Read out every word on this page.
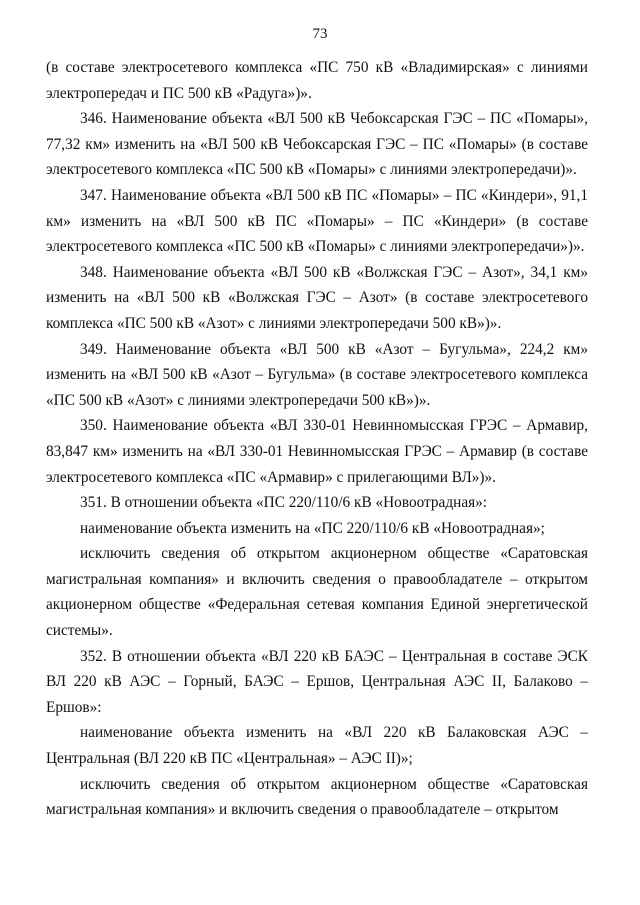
73

(в составе электросетевого комплекса «ПС 750 кВ «Владимирская» с линиями электропередач и ПС 500 кВ «Радуга»)».

346. Наименование объекта «ВЛ 500 кВ Чебоксарская ГЭС – ПС «Помары», 77,32 км» изменить на «ВЛ 500 кВ Чебоксарская ГЭС – ПС «Помары» (в составе электросетевого комплекса «ПС 500 кВ «Помары» с линиями электропередачи)».

347. Наименование объекта «ВЛ 500 кВ ПС «Помары» – ПС «Киндери», 91,1 км» изменить на «ВЛ 500 кВ ПС «Помары» – ПС «Киндери» (в составе электросетевого комплекса «ПС 500 кВ «Помары» с линиями электропередачи»)».

348. Наименование объекта «ВЛ 500 кВ «Волжская ГЭС – Азот», 34,1 км» изменить на «ВЛ 500 кВ «Волжская ГЭС – Азот» (в составе электросетевого комплекса «ПС 500 кВ «Азот» с линиями электропередачи 500 кВ»)».

349. Наименование объекта «ВЛ 500 кВ «Азот – Бугульма», 224,2 км» изменить на «ВЛ 500 кВ «Азот – Бугульма» (в составе электросетевого комплекса «ПС 500 кВ «Азот» с линиями электропередачи 500 кВ»)».

350. Наименование объекта «ВЛ 330-01 Невинномысская ГРЭС – Армавир, 83,847 км» изменить на «ВЛ 330-01 Невинномысская ГРЭС – Армавир (в составе электросетевого комплекса «ПС «Армавир» с прилегающими ВЛ»)».

351. В отношении объекта «ПС 220/110/6 кВ «Новоотрадная»:

наименование объекта изменить на «ПС 220/110/6 кВ «Новоотрадная»;

исключить сведения об открытом акционерном обществе «Саратовская магистральная компания» и включить сведения о правообладателе – открытом акционерном обществе «Федеральная сетевая компания Единой энергетической системы».

352. В отношении объекта «ВЛ 220 кВ БАЭС – Центральная в составе ЭСК ВЛ 220 кВ АЭС – Горный, БАЭС – Ершов, Центральная АЭС II, Балаково – Ершов»:

наименование объекта изменить на «ВЛ 220 кВ Балаковская АЭС – Центральная (ВЛ 220 кВ ПС «Центральная» – АЭС II)»;

исключить сведения об открытом акционерном обществе «Саратовская магистральная компания» и включить сведения о правообладателе – открытом
